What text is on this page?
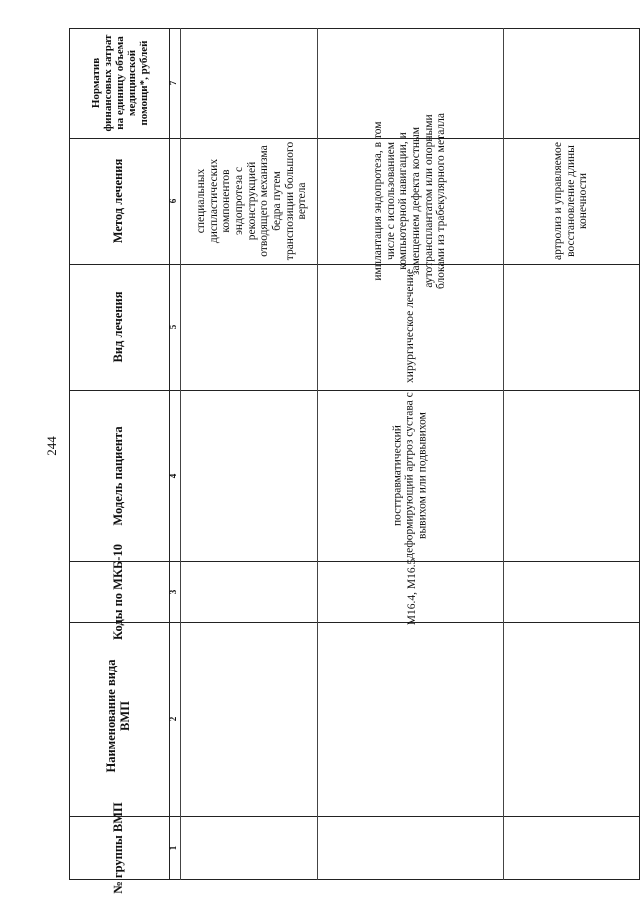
244
№ группы ВМП
Наименование вида ВМП
Коды по МКБ-10
Модель пациента
Вид лечения
Метод лечения
Норматив финансовых затрат на единицу объема медицинской помощи*, рублей
1
2
3
4
5
6
7
специальных диспластических компонентов эндопротеза с реконструкцией отводящего механизма бедра путем транспозиции большого вертела
M16.4, M16.5
посттравматический деформирующий артроз сустава с вывихом или подвывихом
хирургическое лечение
имплантация эндопротеза, в том числе с использованием компьютерной навигации, и замещением дефекта костным аутотрансплантатом или опорными блоками из трабекулярного металла	артролиз и управляемое восстановление длины конечности
